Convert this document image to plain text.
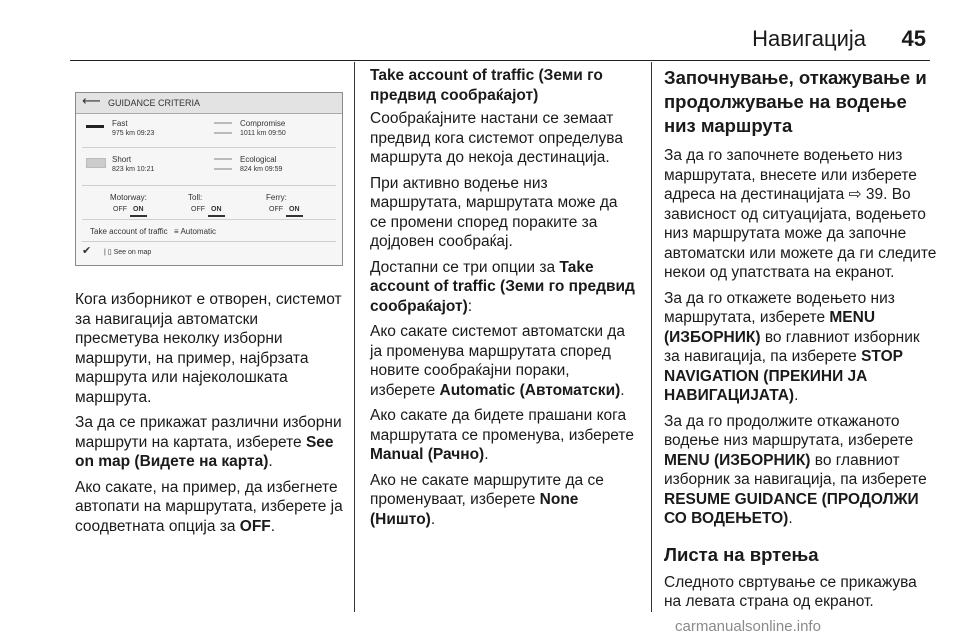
Навигација 45
⟵ GUIDANCE CRITERIA
Fast
975 km 09:23
Compromise
1011 km 09:50
Short
823 km 10:21
Ecological
824 km 09:59
Motorway:
OFF ON
Toll:
OFF ON
Ferry:
OFF ON
Take account of traffic ≡ Automatic
✔ | ▯ See on map

Кога изборникот е отворен, системот за навигација автоматски пресметува неколку изборни маршрути, на пример, најбрзата маршрута или најеколошката маршрута.

За да се прикажат различни изборни маршрути на картата, изберете See on map (Видете на карта).

Ако сакате, на пример, да избегнете автопати на маршрутата, изберете ја соодветната опција за OFF.

Take account of traffic (Земи го предвид сообраќајот)

Сообраќајните настани се земаат предвид кога системот определува маршрута до некоја дестинација.

При активно водење низ маршрутата, маршрутата може да се промени според пораките за дојдовен сообраќај.

Достапни се три опции за Take account of traffic (Земи го предвид сообраќајот):

Ако сакате системот автоматски да ја променува маршрутата според новите сообраќајни пораки, изберете Automatic (Автоматски).

Ако сакате да бидете прашани кога маршрутата се променува, изберете Manual (Рачно).

Ако не сакате маршрутите да се променуваат, изберете None (Ништо).

Започнување, откажување и продолжување на водење низ маршрута

За да го започнете водењето низ маршрутата, внесете или изберете адреса на дестинацијата ⇨ 39. Во зависност од ситуацијата, водењето низ маршрутата може да започне автоматски или можете да ги следите некои од упатствата на екранот.

За да го откажете водењето низ маршрутата, изберете MENU (ИЗБОРНИК) во главниот изборник за навигација, па изберете STOP NAVIGATION (ПРЕКИНИ ЈА НАВИГАЦИЈАТА).

За да го продолжите откажаното водење низ маршрутата, изберете MENU (ИЗБОРНИК) во главниот изборник за навигација, па изберете RESUME GUIDANCE (ПРОДОЛЖИ СО ВОДЕЊЕТО).

Листа на вртења

Следното свртување се прикажува на левата страна од екранот.

carmanualsonline.info
